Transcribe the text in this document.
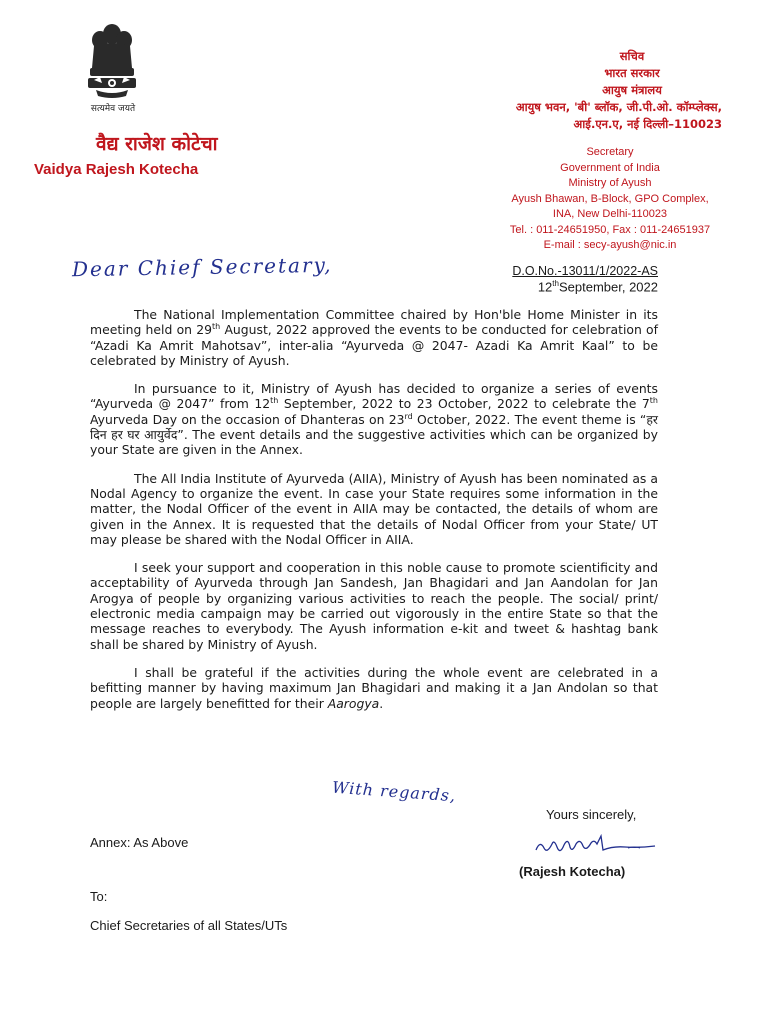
सत्यमेव जयते
वैद्य राजेश कोटेचा
Vaidya Rajesh Kotecha
सचिव
भारत सरकार
आयुष मंत्रालय
आयुष भवन, 'बी' ब्लॉक, जी.पी.ओ. कॉम्प्लेक्स,
आई.एन.ए, नई दिल्ली–110023
Secretary
Government of India
Ministry of Ayush
Ayush Bhawan, B-Block, GPO Complex,
INA, New Delhi-110023
Tel. : 011-24651950, Fax : 011-24651937
E-mail : secy-ayush@nic.in
Dear Chief Secretary,	D.O.No.-13011/1/2022-AS
12thSeptember, 2022

The National Implementation Committee chaired by Hon'ble Home Minister in its meeting held on 29th August, 2022 approved the events to be conducted for celebration of “Azadi Ka Amrit Mahotsav”, inter-alia “Ayurveda @ 2047- Azadi Ka Amrit Kaal” to be celebrated by Ministry of Ayush.

In pursuance to it, Ministry of Ayush has decided to organize a series of events “Ayurveda @ 2047” from 12th September, 2022 to 23 October, 2022 to celebrate the 7th Ayurveda Day on the occasion of Dhanteras on 23rd October, 2022. The event theme is “हर दिन हर घर आयुर्वेद”. The event details and the suggestive activities which can be organized by your State are given in the Annex.

The All India Institute of Ayurveda (AIIA), Ministry of Ayush has been nominated as a Nodal Agency to organize the event. In case your State requires some information in the matter, the Nodal Officer of the event in AIIA may be contacted, the details of whom are given in the Annex. It is requested that the details of Nodal Officer from your State/ UT may please be shared with the Nodal Officer in AIIA.

I seek your support and cooperation in this noble cause to promote scientificity and acceptability of Ayurveda through Jan Sandesh, Jan Bhagidari and Jan Aandolan for Jan Arogya of people by organizing various activities to reach the people. The social/ print/ electronic media campaign may be carried out vigorously in the entire State so that the message reaches to everybody. The Ayush information e-kit and tweet & hashtag bank shall be shared by Ministry of Ayush.

I shall be grateful if the activities during the whole event are celebrated in a befitting manner by having maximum Jan Bhagidari and making it a Jan Andolan so that people are largely benefitted for their Aarogya.

With regards,
Yours sincerely,
Annex: As Above
(Rajesh Kotecha)
To:
Chief Secretaries of all States/UTs
